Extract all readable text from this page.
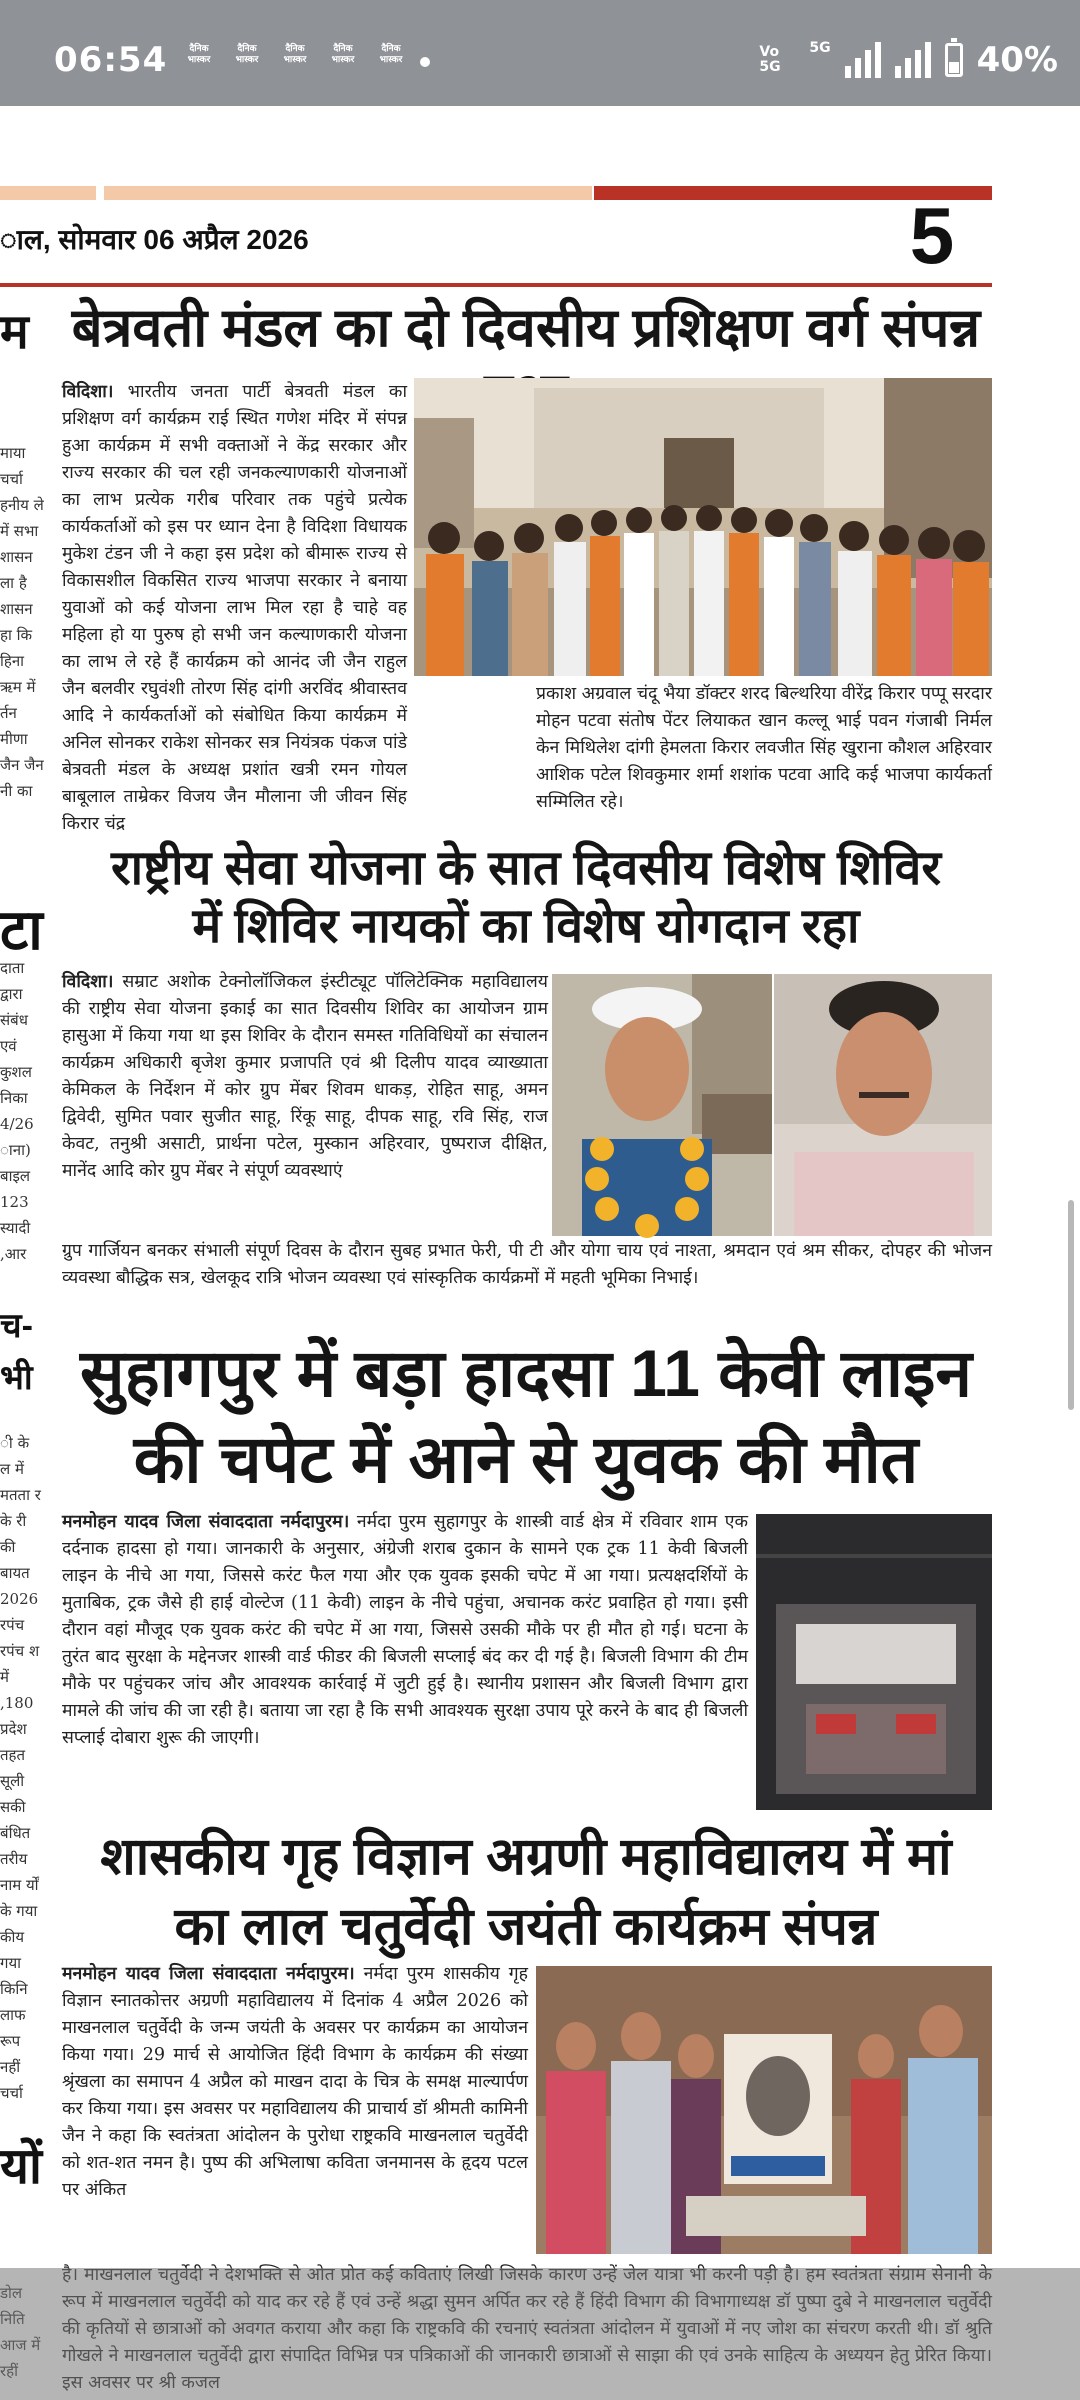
06:54	दैनिक भास्कर
दैनिक भास्कर
दैनिक भास्कर
दैनिक भास्कर
दैनिक भास्कर	Vo 5G
5G	40%
ाल, सोमवार 06 अप्रैल 2026	5
म
माया चर्चा हनीय ले में सभा शासन ला है शासन हा कि हिना ऋम में र्तन मीणा जैन जैन नी का
टा
दाता द्वारा संबंध एवं कुशल निका 4/26 ाना) बाइल 123 स्यादी ,आर
च- भी
ी के ल में मतता र के री की बायत 2026 रपंच रपंच श में ,180 प्रदेश तहत सूली सकी बंधित तरीय नाम र्यों के गया कीय गया किनि लाफ रूप नहीं चर्चा
यों
बेत्रवती मंडल का दो दिवसीय प्रशिक्षण वर्ग संपन्न
विदिशा। भारतीय जनता पार्टी बेत्रवती मंडल का प्रशिक्षण वर्ग कार्यक्रम राई स्थित गणेश मंदिर में संपन्न हुआ कार्यक्रम में सभी वक्ताओं ने केंद्र सरकार और राज्य सरकार की चल रही जनकल्याणकारी योजनाओं का लाभ प्रत्येक गरीब परिवार तक पहुंचे प्रत्येक कार्यकर्ताओं को इस पर ध्यान देना है विदिशा विधायक मुकेश टंडन जी ने कहा इस प्रदेश को बीमारू राज्य से विकासशील विकसित राज्य भाजपा सरकार ने बनाया युवाओं को कई योजना लाभ मिल रहा है चाहे वह महिला हो या पुरुष हो सभी जन कल्याणकारी योजना का लाभ ले रहे हैं कार्यक्रम को आनंद जी जैन राहुल जैन बलवीर रघुवंशी तोरण सिंह दांगी अरविंद श्रीवास्तव आदि ने कार्यकर्ताओं को संबोधित किया कार्यक्रम में अनिल सोनकर राकेश सोनकर सत्र नियंत्रक पंकज पांडे बेत्रवती मंडल के अध्यक्ष प्रशांत खत्री रमन गोयल बाबूलाल ताम्रेकर विजय जैन मौलाना जी जीवन सिंह किरार चंद्र
प्रकाश अग्रवाल चंदू भैया डॉक्टर शरद बिल्थरिया वीरेंद्र किरार पप्पू सरदार मोहन पटवा संतोष पेंटर लियाकत खान कल्लू भाई पवन गंजाबी निर्मल केन मिथिलेश दांगी हेमलता किरार लवजीत सिंह खुराना कौशल अहिरवार आशिक पटेल शिवकुमार शर्मा शशांक पटवा आदि कई भाजपा कार्यकर्ता सम्मिलित रहे।
राष्ट्रीय सेवा योजना के सात दिवसीय विशेष शिविर
में शिविर नायकों का विशेष योगदान रहा
विदिशा। सम्राट अशोक टेक्नोलॉजिकल इंस्टीट्यूट पॉलिटेक्निक महाविद्यालय की राष्ट्रीय सेवा योजना इकाई का सात दिवसीय शिविर का आयोजन ग्राम हासुआ में किया गया था इस शिविर के दौरान समस्त गतिविधियों का संचालन कार्यक्रम अधिकारी बृजेश कुमार प्रजापति एवं श्री दिलीप यादव व्याख्याता केमिकल के निर्देशन में कोर ग्रुप मेंबर शिवम धाकड़, रोहित साहू, अमन द्विवेदी, सुमित पवार सुजीत साहू, रिंकू साहू, दीपक साहू, रवि सिंह, राज केवट, तनुश्री असाटी, प्रार्थना पटेल, मुस्कान अहिरवार, पुष्पराज दीक्षित, मानेंद आदि कोर ग्रुप मेंबर ने संपूर्ण व्यवस्थाएं
ग्रुप गार्जियन बनकर संभाली संपूर्ण दिवस के दौरान सुबह प्रभात फेरी, पी टी और योगा चाय एवं नाश्ता, श्रमदान एवं श्रम सीकर, दोपहर की भोजन व्यवस्था बौद्धिक सत्र, खेलकूद रात्रि भोजन व्यवस्था एवं सांस्कृतिक कार्यक्रमों में महती भूमिका निभाई।
सुहागपुर में बड़ा हादसा 11 केवी लाइन
की चपेट में आने से युवक की मौत
मनमोहन यादव जिला संवाददाता नर्मदापुरम। नर्मदा पुरम सुहागपुर के शास्त्री वार्ड क्षेत्र में रविवार शाम एक दर्दनाक हादसा हो गया। जानकारी के अनुसार, अंग्रेजी शराब दुकान के सामने एक ट्रक 11 केवी बिजली लाइन के नीचे आ गया, जिससे करंट फैल गया और एक युवक इसकी चपेट में आ गया। प्रत्यक्षदर्शियों के मुताबिक, ट्रक जैसे ही हाई वोल्टेज (11 केवी) लाइन के नीचे पहुंचा, अचानक करंट प्रवाहित हो गया। इसी दौरान वहां मौजूद एक युवक करंट की चपेट में आ गया, जिससे उसकी मौके पर ही मौत हो गई। घटना के तुरंत बाद सुरक्षा के मद्देनजर शास्त्री वार्ड फीडर की बिजली सप्लाई बंद कर दी गई है। बिजली विभाग की टीम मौके पर पहुंचकर जांच और आवश्यक कार्रवाई में जुटी हुई है। स्थानीय प्रशासन और बिजली विभाग द्वारा मामले की जांच की जा रही है। बताया जा रहा है कि सभी आवश्यक सुरक्षा उपाय पूरे करने के बाद ही बिजली सप्लाई दोबारा शुरू की जाएगी।
शासकीय गृह विज्ञान अग्रणी महाविद्यालय में मां
का लाल चतुर्वेदी जयंती कार्यक्रम संपन्न
मनमोहन यादव जिला संवाददाता नर्मदापुरम। नर्मदा पुरम शासकीय गृह विज्ञान स्नातकोत्तर अग्रणी महाविद्यालय में दिनांक 4 अप्रैल 2026 को माखनलाल चतुर्वेदी के जन्म जयंती के अवसर पर कार्यक्रम का आयोजन किया गया। 29 मार्च से आयोजित हिंदी विभाग के कार्यक्रम की संख्या श्रृंखला का समापन 4 अप्रैल को माखन दादा के चित्र के समक्ष माल्यार्पण कर किया गया। इस अवसर पर महाविद्यालय की प्राचार्य डॉ श्रीमती कामिनी जैन ने कहा कि स्वतंत्रता आंदोलन के पुरोधा राष्ट्रकवि माखनलाल चतुर्वेदी को शत-शत नमन है। पुष्प की अभिलाषा कविता जनमानस के हृदय पटल पर अंकित
